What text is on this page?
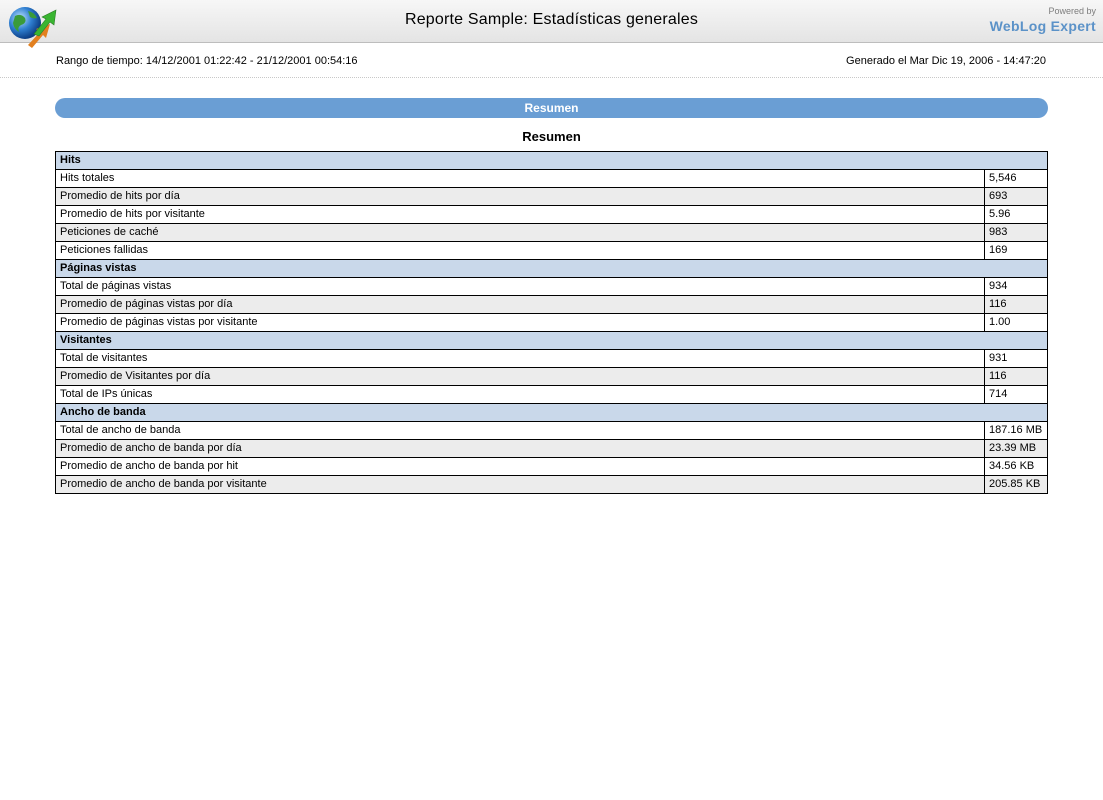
Reporte Sample: Estadísticas generales	Powered by
WebLog Expert
Rango de tiempo: 14/12/2001 01:22:42 - 21/12/2001 00:54:16	Generado el Mar Dic 19, 2006 - 14:47:20
Resumen
Resumen
Hits	
Hits totales	5,546
Promedio de hits por día	693
Promedio de hits por visitante	5.96
Peticiones de caché	983
Peticiones fallidas	169
Páginas vistas	
Total de páginas vistas	934
Promedio de páginas vistas por día	116
Promedio de páginas vistas por visitante	1.00
Visitantes	
Total de visitantes	931
Promedio de Visitantes por día	116
Total de IPs únicas	714
Ancho de banda	
Total de ancho de banda	187.16 MB
Promedio de ancho de banda por día	23.39 MB
Promedio de ancho de banda por hit	34.56 KB
Promedio de ancho de banda por visitante	205.85 KB
